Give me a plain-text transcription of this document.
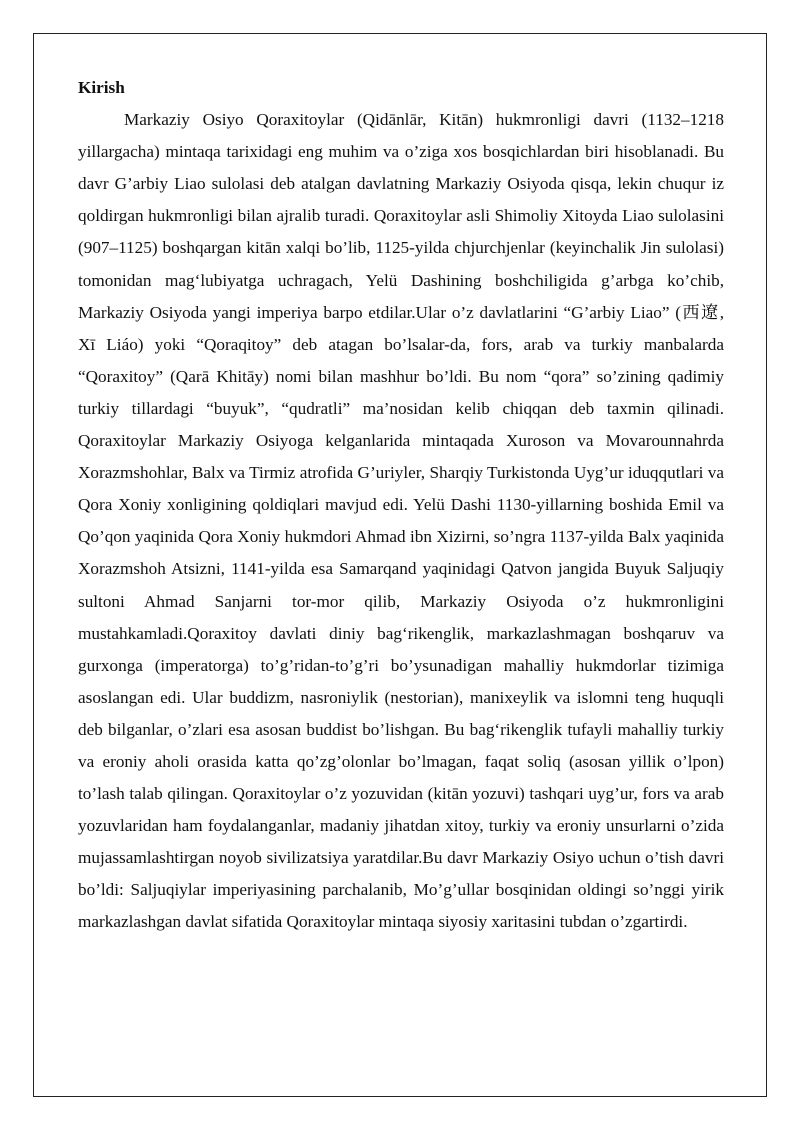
Kirish

Markaziy Osiyo Qoraxitoylar (Qidānlār, Kitān) hukmronligi davri (1132–1218 yillargacha) mintaqa tarixidagi eng muhim va o’ziga xos bosqichlardan biri hisoblanadi. Bu davr G’arbiy Liao sulolasi deb atalgan davlatning Markaziy Osiyoda qisqa, lekin chuqur iz qoldirgan hukmronligi bilan ajralib turadi. Qoraxitoylar asli Shimoliy Xitoyda Liao sulolasini (907–1125) boshqargan kitān xalqi bo’lib, 1125-yilda chjurchjenlar (keyinchalik Jin sulolasi) tomonidan mag‘lubiyatga uchragach, Yelü Dashining boshchiligida g’arbga ko’chib, Markaziy Osiyoda yangi imperiya barpo etdilar.Ular o’z davlatlarini “G’arbiy Liao” (西遼, Xī Liáo) yoki “Qoraqitoy” deb atagan bo’lsalar-da, fors, arab va turkiy manbalarda “Qoraxitoy” (Qarā Khitāy) nomi bilan mashhur bo’ldi. Bu nom “qora” so’zining qadimiy turkiy tillardagi “buyuk”, “qudratli” ma’nosidan kelib chiqqan deb taxmin qilinadi. Qoraxitoylar Markaziy Osiyoga kelganlarida mintaqada Xuroson va Movarounnahrda Xorazmshohlar, Balx va Tirmiz atrofida G’uriyler, Sharqiy Turkistonda Uyg’ur iduqqutlari va Qora Xoniy xonligining qoldiqlari mavjud edi. Yelü Dashi 1130-yillarning boshida Emil va Qo’qon yaqinida Qora Xoniy hukmdori Ahmad ibn Xizirni, so’ngra 1137-yilda Balx yaqinida Xorazmshoh Atsizni, 1141-yilda esa Samarqand yaqinidagi Qatvon jangida Buyuk Saljuqiy sultoni Ahmad Sanjarni tor-mor qilib, Markaziy Osiyoda o’z hukmronligini mustahkamladi.Qoraxitoy davlati diniy bag‘rikenglik, markazlashmagan boshqaruv va gurxonga (imperatorga) to’g’ridan-to’g’ri bo’ysunadigan mahalliy hukmdorlar tizimiga asoslangan edi. Ular buddizm, nasroniylik (nestorian), manixeylik va islomni teng huquqli deb bilganlar, o’zlari esa asosan buddist bo’lishgan. Bu bag‘rikenglik tufayli mahalliy turkiy va eroniy aholi orasida katta qo’zg’olonlar bo’lmagan, faqat soliq (asosan yillik o’lpon) to’lash talab qilingan. Qoraxitoylar o’z yozuvidan (kitān yozuvi) tashqari uyg’ur, fors va arab yozuvlaridan ham foydalanganlar, madaniy jihatdan xitoy, turkiy va eroniy unsurlarni o’zida mujassamlashtirgan noyob sivilizatsiya yaratdilar.Bu davr Markaziy Osiyo uchun o’tish davri bo’ldi: Saljuqiylar imperiyasining parchalanib, Mo’g’ullar bosqinidan oldingi so’nggi yirik markazlashgan davlat sifatida Qoraxitoylar mintaqa siyosiy xaritasini tubdan o’zgartirdi.
